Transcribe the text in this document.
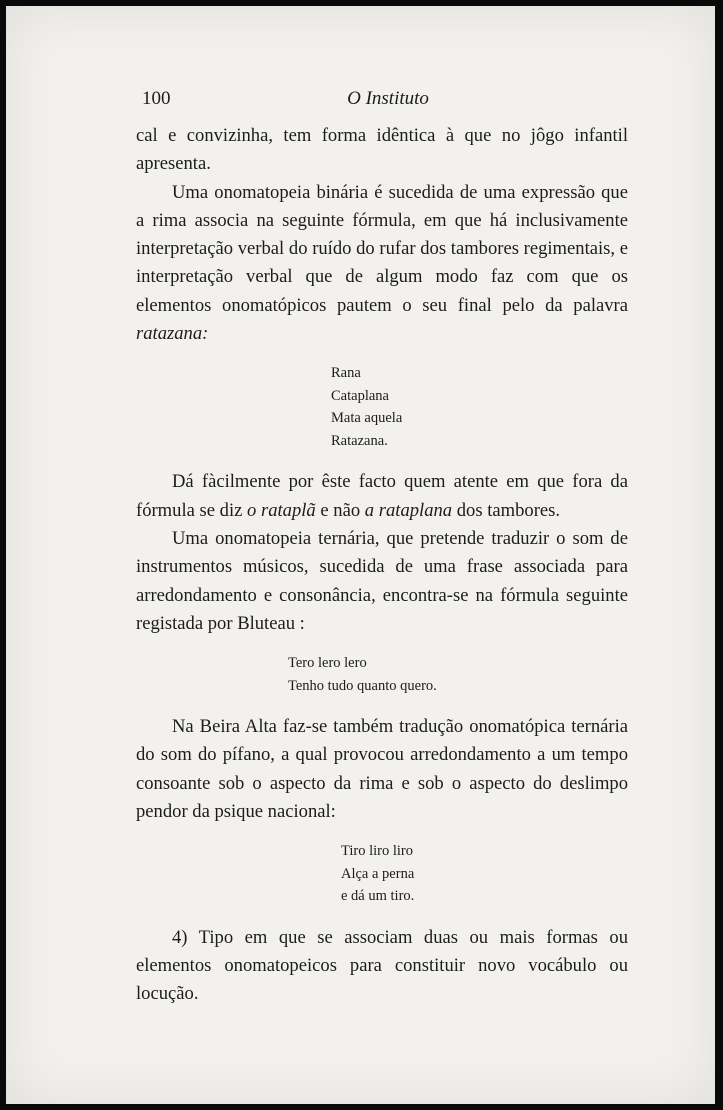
100	O Instituto

cal e convizinha, tem forma idêntica à que no jôgo infantil apresenta.

Uma onomatopeia binária é sucedida de uma expressão que a rima associa na seguinte fórmula, em que há inclusivamente interpretação verbal do ruído do rufar dos tambores regimentais, e interpretação verbal que de algum modo faz com que os elementos onomatópicos pautem o seu final pelo da palavra ratazana:

Rana
Cataplana
Mata aquela
Ratazana.

Dá fàcilmente por êste facto quem atente em que fora da fórmula se diz o rataplã e não a rataplana dos tambores.

Uma onomatopeia ternária, que pretende traduzir o som de instrumentos músicos, sucedida de uma frase associada para arredondamento e consonância, encontra-se na fórmula seguinte registada por Bluteau :

Tero lero lero
Tenho tudo quanto quero.

Na Beira Alta faz-se também tradução onomatópica ternária do som do pífano, a qual provocou arredondamento a um tempo consoante sob o aspecto da rima e sob o aspecto do deslimpo pendor da psique nacional:

Tiro liro liro
Alça a perna
e dá um tiro.

4) Tipo em que se associam duas ou mais formas ou elementos onomatopeicos para constituir novo vocábulo ou locução.
